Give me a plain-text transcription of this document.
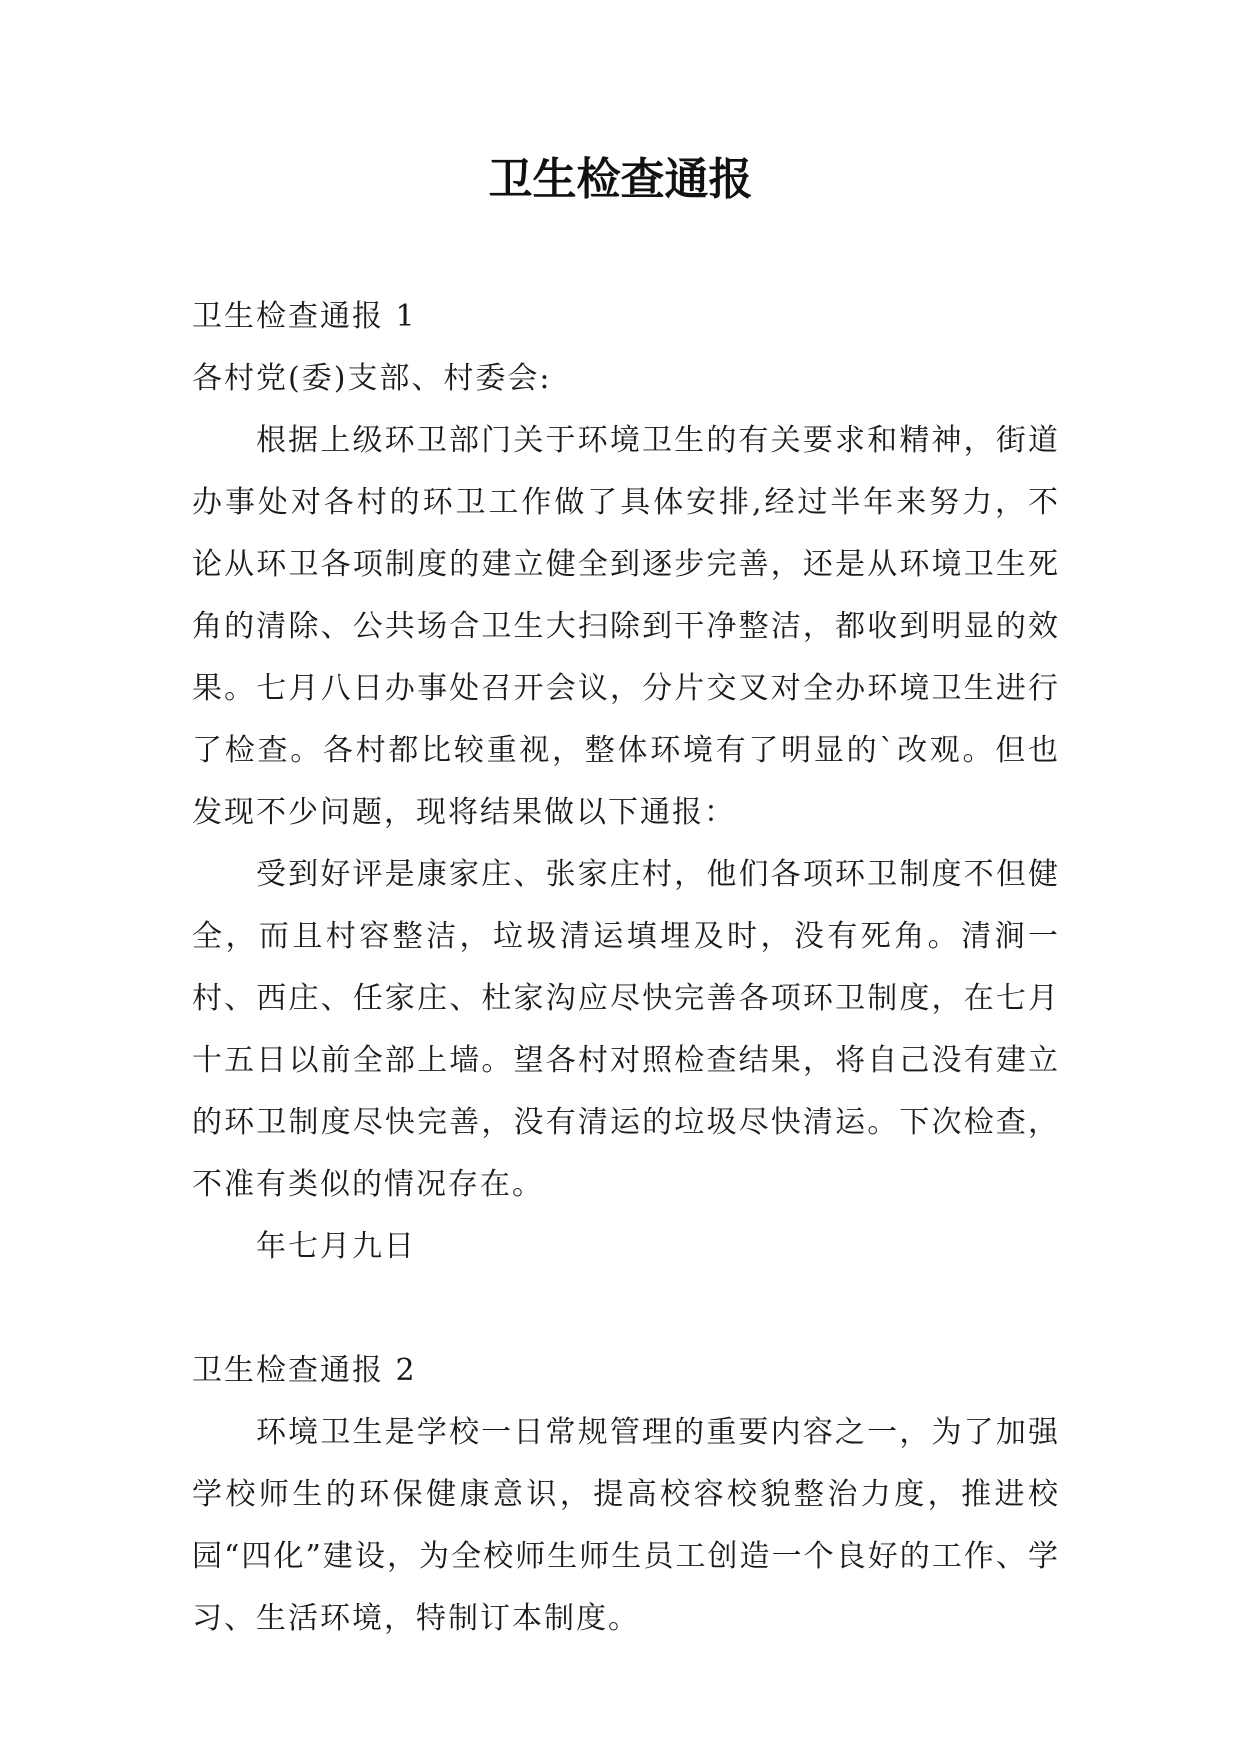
卫生检查通报

卫生检查通报 1

各村党(委)支部、村委会:

根据上级环卫部门关于环境卫生的有关要求和精神，街道办事处对各村的环卫工作做了具体安排,经过半年来努力，不论从环卫各项制度的建立健全到逐步完善，还是从环境卫生死角的清除、公共场合卫生大扫除到干净整洁，都收到明显的效果。七月八日办事处召开会议，分片交叉对全办环境卫生进行了检查。各村都比较重视，整体环境有了明显的`改观。但也发现不少问题，现将结果做以下通报：

受到好评是康家庄、张家庄村，他们各项环卫制度不但健全，而且村容整洁，垃圾清运填埋及时，没有死角。清涧一村、西庄、任家庄、杜家沟应尽快完善各项环卫制度，在七月十五日以前全部上墙。望各村对照检查结果，将自己没有建立的环卫制度尽快完善，没有清运的垃圾尽快清运。下次检查，不准有类似的情况存在。

年七月九日

卫生检查通报 2

环境卫生是学校一日常规管理的重要内容之一，为了加强学校师生的环保健康意识，提高校容校貌整治力度，推进校园“四化”建设，为全校师生师生员工创造一个良好的工作、学习、生活环境，特制订本制度。
